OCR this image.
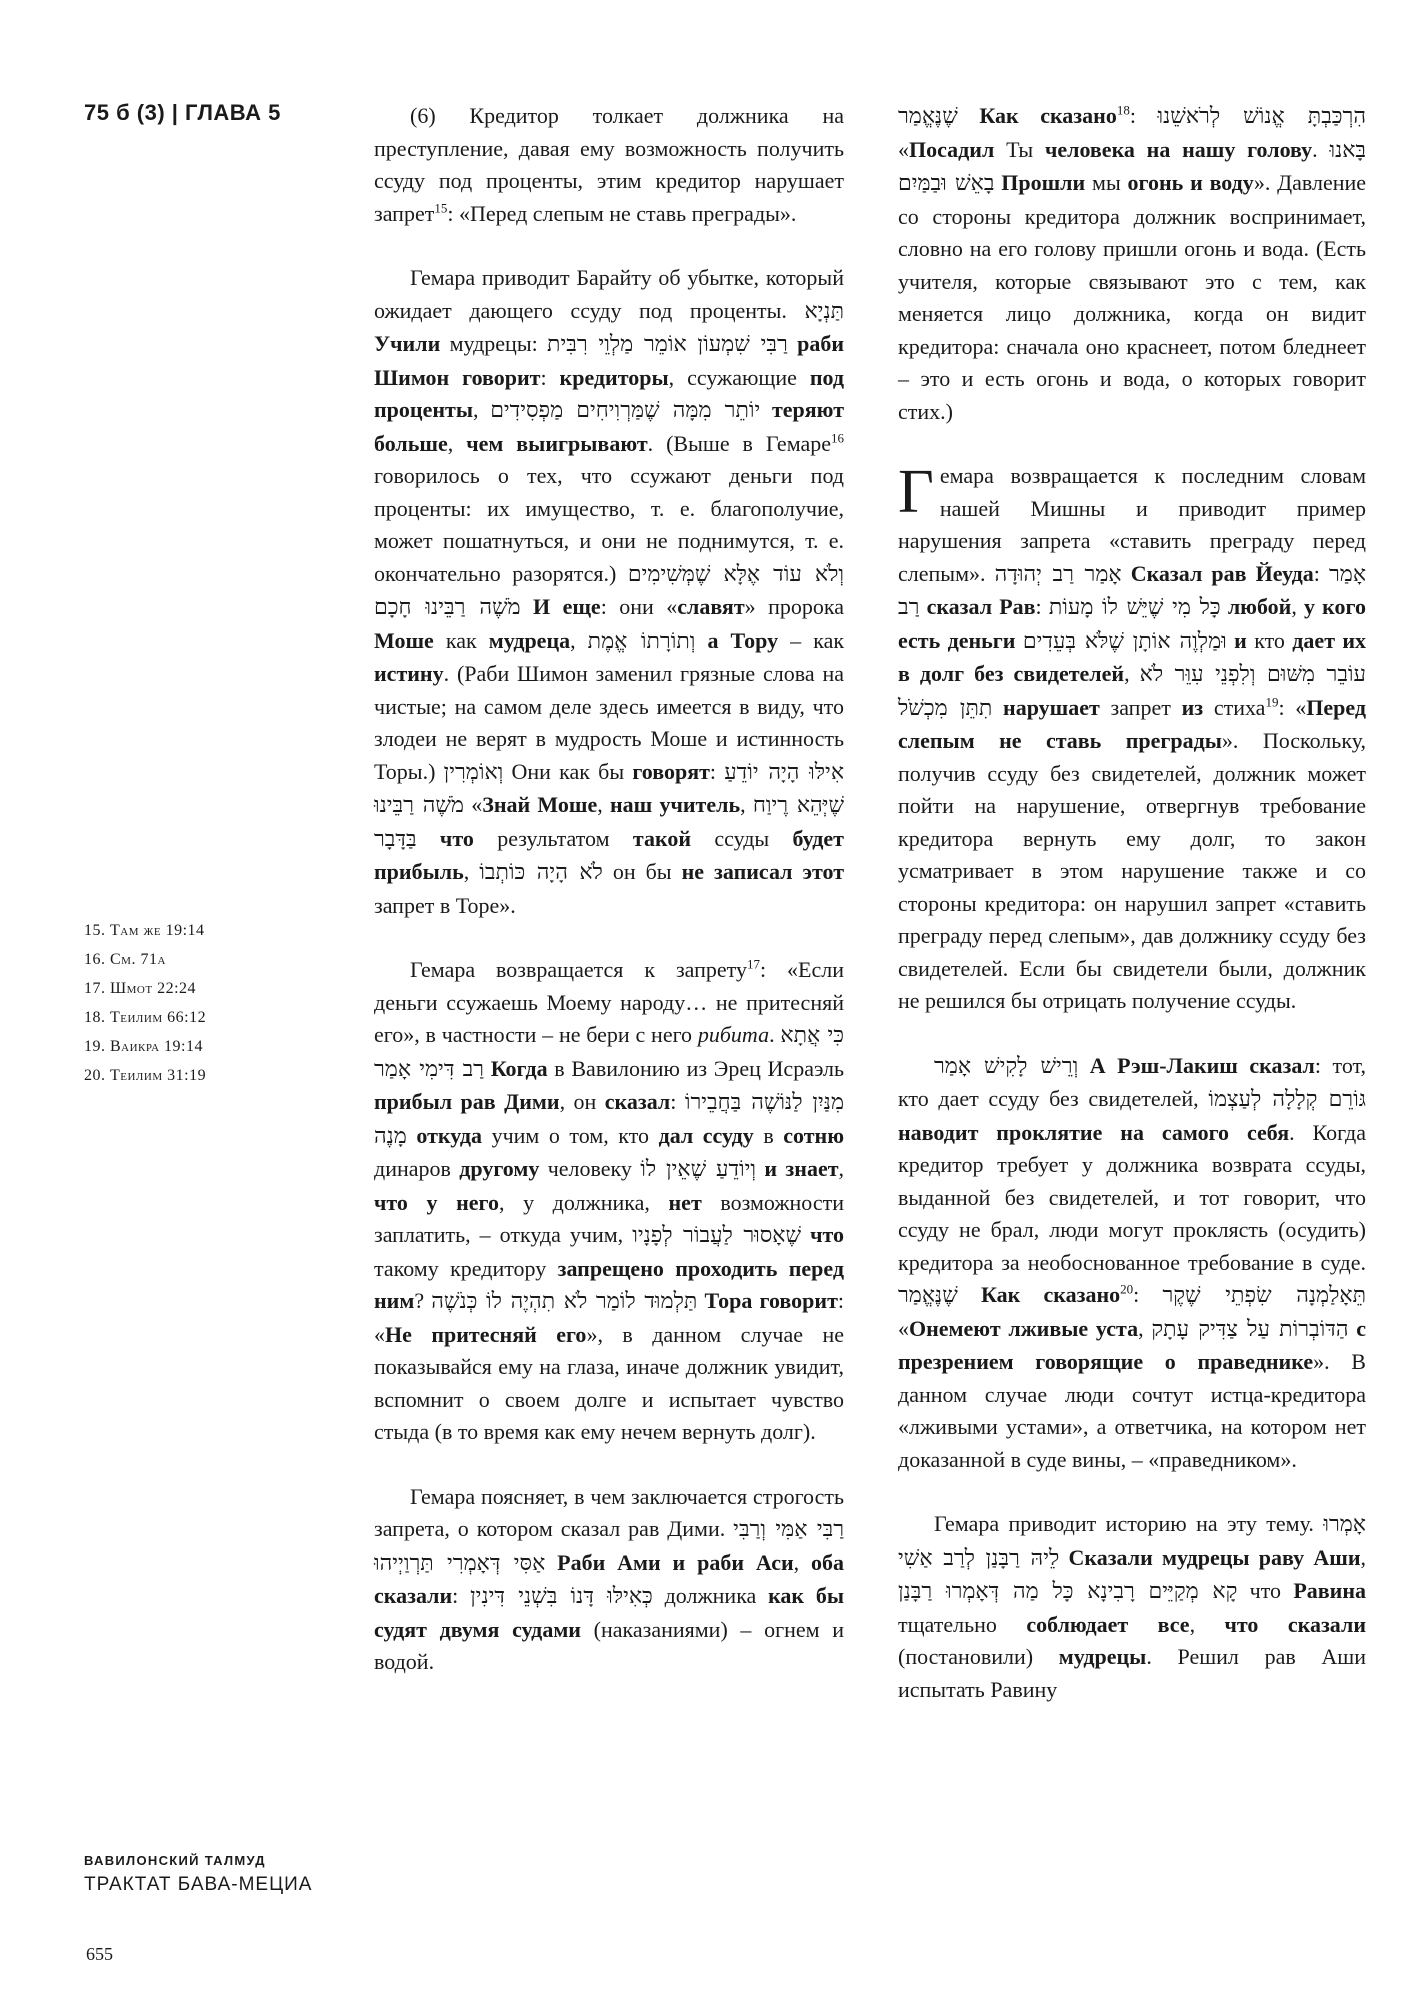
75 б (3) | ГЛАВА 5
15. Там же 19:14
16. См. 71а
17. Шмот 22:24
18. Теилим 66:12
19. Ваикра 19:14
20. Теилим 31:19
ВАВИЛОНСКИЙ ТАЛМУД
ТРАКТАТ БАВА-МЕЦИА
655

(6) Кредитор толкает должника на преступление, давая ему возможность получить ссуду под проценты, этим кредитор нарушает запрет$^{15}$: «Перед слепым не ставь преграды».

Гемара приводит Барайту об убытке, который ожидает дающего ссуду под проценты. תַּנְיָא Учили мудрецы: רַבִּי שִׁמְעוֹן אוֹמֵר מַלְוֵי רִבִּית раби Шимон говорит: кредиторы, ссужающие под проценты, יוֹתֵר מִמָּה שֶׁמַּרְוִיחִים מַפְסִידִים теряют больше, чем выигрывают. (Выше в Гемаре$^{16}$ говорилось о тех, что ссужают деньги под проценты: их имущество, т. е. благополучие, может пошатнуться, и они не поднимутся, т. е. окончательно разорятся.) וְלֹא עוֹד אֶלָּא שֶׁמְּשִׁימִים מֹשֶׁה רַבֵּינוּ חָכָם И еще: они «славят» пророка Моше как мудреца, וְתוֹרָתוֹ אֱמֶת а Тору – как истину. (Раби Шимон заменил грязные слова на чистые; на самом деле здесь имеется в виду, что злодеи не верят в мудрость Моше и истинность Торы.) וְאוֹמְרִין Они как бы говорят: אִילּוּ הָיָה יוֹדֵעַ מֹשֶׁה רַבֵּינוּ «Знай Моше, наш учитель, שֶׁיְּהֵא רֶיוַח בַּדָּבָר что результатом такой ссуды будет прибыль, לֹא הָיָה כּוֹתְבוֹ он бы не записал этот запрет в Торе».

Гемара возвращается к запрету$^{17}$: «Если деньги ссужаешь Моему народу… не притесняй его», в частности – не бери с него рибита. כִּי אֲתָא רַב דִּימִי אָמַר Когда в Вавилонию из Эрец Исраэль прибыл рав Дими, он сказал: מִנַּיִן לַנּוֹשֶׁה בַּחֲבֵירוֹ מָנֶה откуда учим о том, кто дал ссуду в сотню динаров другому человеку וְיוֹדֵעַ שֶׁאֵין לוֹ и знает, что у него, у должника, нет возможности заплатить, – откуда учим, שֶׁאָסוּר לַעֲבוֹר לְפָנָיו что такому кредитору запрещено проходить перед ним? תַּלְמוּד לוֹמַר לֹא תִהְיֶה לוֹ כְּנֹשֶׁה Тора говорит: «Не притесняй его», в данном случае не показывайся ему на глаза, иначе должник увидит, вспомнит о своем долге и испытает чувство стыда (в то время как ему нечем вернуть долг).

Гемара поясняет, в чем заключается строгость запрета, о котором сказал рав Дими. רַבִּי אַמִּי וְרַבִּי אַסִּי דְּאָמְרִי תַּרְוַיְיהוּ Раби Ами и раби Аси, оба сказали: כְּאִילּוּ דָּנוֹ בִּשְׁנֵי דִּינִין должника как бы судят двумя судами (наказаниями) – огнем и водой.

שֶׁנֶּאֱמַר Как сказано$^{18}$: הִרְכַּבְתָּ אֱנוֹשׁ לְרֹאשֵׁנוּ «Посадил Ты человека на нашу голову. בָּאנוּ בָאֵשׁ וּבַמַּיִם Прошли мы огонь и воду». Давление со стороны кредитора должник воспринимает, словно на его голову пришли огонь и вода. (Есть учителя, которые связывают это с тем, как меняется лицо должника, когда он видит кредитора: сначала оно краснеет, потом бледнеет – это и есть огонь и вода, о которых говорит стих.)

Гемара возвращается к последним словам нашей Мишны и приводит пример нарушения запрета «ставить преграду перед слепым». אָמַר רַב יְהוּדָה Сказал рав Йеуда: אָמַר רַב сказал Рав: כָּל מִי שֶׁיֵּשׁ לוֹ מָעוֹת любой, у кого есть деньги וּמַלְוֶה אוֹתָן שֶׁלֹּא בְּעֵדִים и кто дает их в долг без свидетелей, עוֹבֵר מִשּׁוּם וְלִפְנֵי עִוֵּר לֹא תִתֵּן מִכְשֹׁל нарушает запрет из стиха$^{19}$: «Перед слепым не ставь преграды». Поскольку, получив ссуду без свидетелей, должник может пойти на нарушение, отвергнув требование кредитора вернуть ему долг, то закон усматривает в этом нарушение также и со стороны кредитора: он нарушил запрет «ставить преграду перед слепым», дав должнику ссуду без свидетелей. Если бы свидетели были, должник не решился бы отрицать получение ссуды.

וְרֵישׁ לָקִישׁ אָמַר А Рэш-Лакиш сказал: тот, кто дает ссуду без свидетелей, גּוֹרֵם קְלָלָה לְעַצְמוֹ наводит проклятие на самого себя. Когда кредитор требует у должника возврата ссуды, выданной без свидетелей, и тот говорит, что ссуду не брал, люди могут проклясть (осудить) кредитора за необоснованное требование в суде. שֶׁנֶּאֱמַר Как сказано$^{20}$: תֵּאָלַמְנָה שִׂפְתֵי שֶׁקֶר «Онемеют лживые уста, הַדּוֹבְרוֹת עַל צַדִּיק עָתָק с презрением говорящие о праведнике». В данном случае люди сочтут истца-кредитора «лживыми устами», а ответчика, на котором нет доказанной в суде вины, – «праведником».

Гемара приводит историю на эту тему. אָמְרוּ לֵיהּ רַבָּנַן לְרַב אַשִׁי Сказали мудрецы раву Аши, קָא מְקַיֵּים רָבִינָא כָּל מַה דְּאָמְרוּ רַבָּנַן что Равина тщательно соблюдает все, что сказали (постановили) мудрецы. Решил рав Аши испытать Равину
